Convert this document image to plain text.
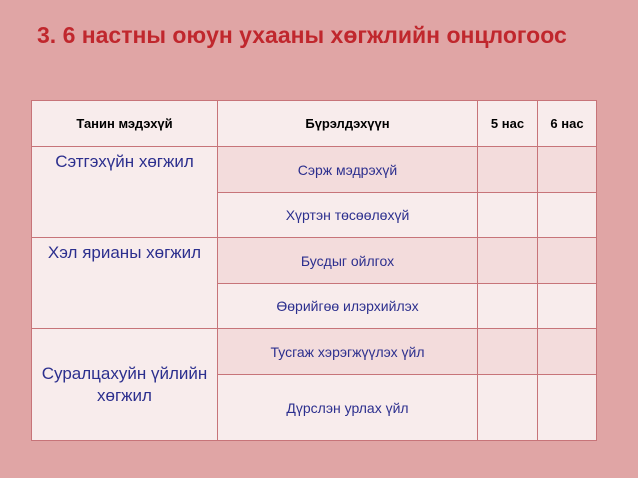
3. 6 настны оюун ухааны хөгжлийн онцлогоос
Танин мэдэхүй	Бүрэлдэхүүн	5 нас	6 нас
Сэтгэхүйн хөгжил	Сэрж мэдрэхүй		
	Хүртэн төсөөлөхүй		
Хэл ярианы хөгжил	Бусдыг ойлгох		
	Өөрийгөө илэрхийлэх		
Суралцахуйн үйлийн хөгжил	Тусгаж хэрэгжүүлэх үйл		
	Дүрслэн урлах үйл		
